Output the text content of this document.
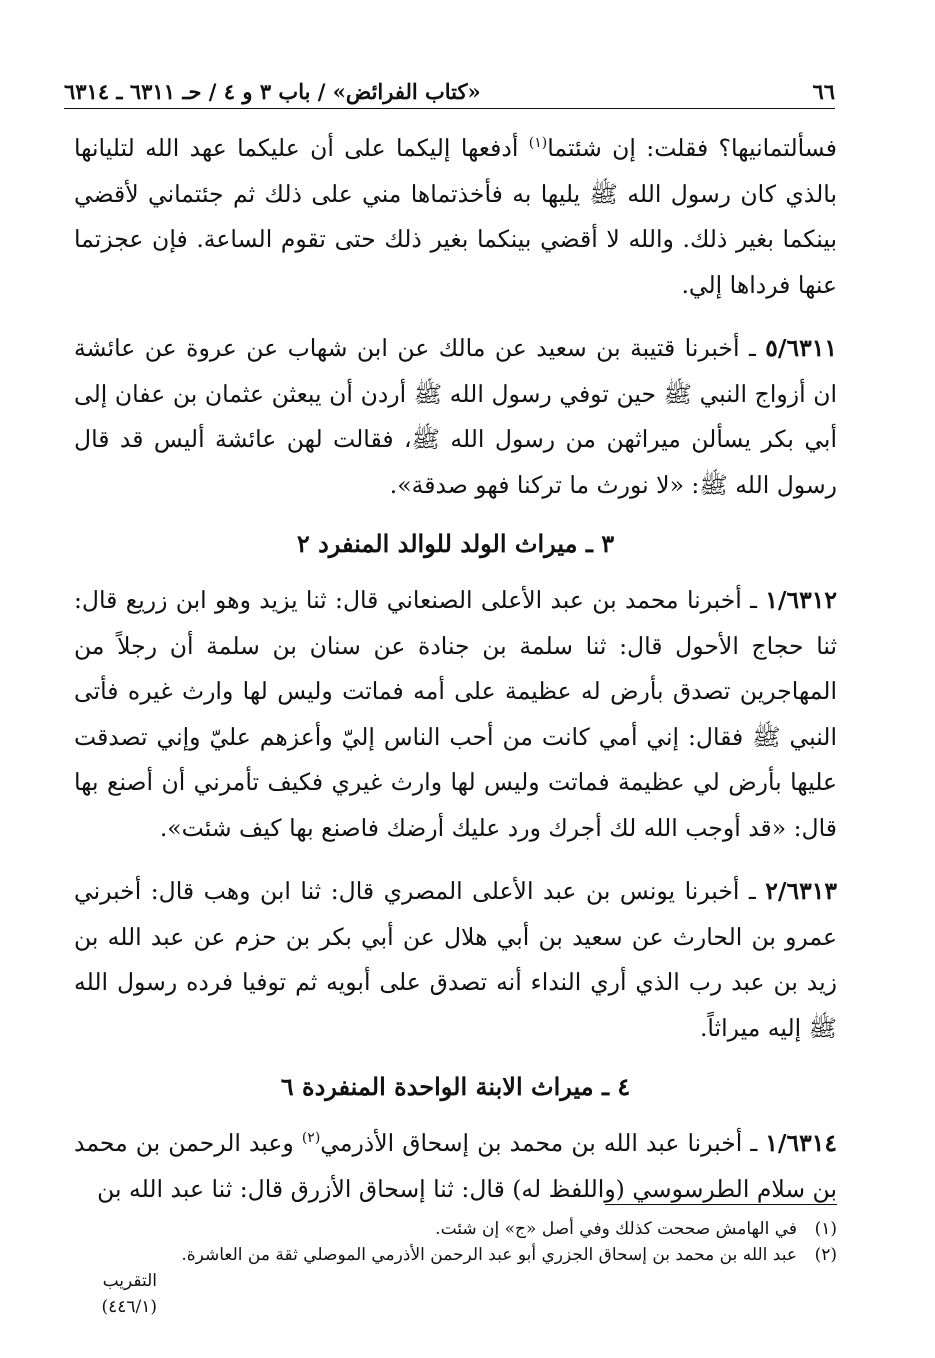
٦٦
«كتاب الفرائض» / باب ٣ و ٤ / حـ ٦٣١١ ـ ٦٣١٤

فسألتمانيها؟ فقلت: إن شئتما$^{(١)}$ أدفعها إليكما على أن عليكما عهد الله لتليانها بالذي كان رسول الله ﷺ يليها به فأخذتماها مني على ذلك ثم جئتماني لأقضي بينكما بغير ذلك. والله لا أقضي بينكما بغير ذلك حتى تقوم الساعة. فإن عجزتما عنها فرداها إلي.

٥/٦٣١١ ـ أخبرنا قتيبة بن سعيد عن مالك عن ابن شهاب عن عروة عن عائشة ان أزواج النبي ﷺ حين توفي رسول الله ﷺ أردن أن يبعثن عثمان بن عفان إلى أبي بكر يسألن ميراثهن من رسول الله ﷺ، فقالت لهن عائشة أليس قد قال رسول الله ﷺ: «لا نورث ما تركنا فهو صدقة».

٣ ـ ميراث الولد للوالد المنفرد ٢

١/٦٣١٢ ـ أخبرنا محمد بن عبد الأعلى الصنعاني قال: ثنا يزيد وهو ابن زريع قال: ثنا حجاج الأحول قال: ثنا سلمة بن جنادة عن سنان بن سلمة أن رجلاً من المهاجرين تصدق بأرض له عظيمة على أمه فماتت وليس لها وارث غيره فأتى النبي ﷺ فقال: إني أمي كانت من أحب الناس إليّ وأعزهم عليّ وإني تصدقت عليها بأرض لي عظيمة فماتت وليس لها وارث غيري فكيف تأمرني أن أصنع بها قال: «قد أوجب الله لك أجرك ورد عليك أرضك فاصنع بها كيف شئت».

٢/٦٣١٣ ـ أخبرنا يونس بن عبد الأعلى المصري قال: ثنا ابن وهب قال: أخبرني عمرو بن الحارث عن سعيد بن أبي هلال عن أبي بكر بن حزم عن عبد الله بن زيد بن عبد رب الذي أري النداء أنه تصدق على أبويه ثم توفيا فرده رسول الله ﷺ إليه ميراثاً.

٤ ـ ميراث الابنة الواحدة المنفردة ٦

١/٦٣١٤ ـ أخبرنا عبد الله بن محمد بن إسحاق الأذرمي$^{(٢)}$ وعبد الرحمن بن محمد بن سلام الطرسوسي (واللفظ له) قال: ثنا إسحاق الأزرق قال: ثنا عبد الله بن

(١)في الهامش صححت كذلك وفي أصل «ج» إن شئت.

(٢)عبد الله بن محمد بن إسحاق الجزري أبو عبد الرحمن الأذرمي الموصلي ثقة من العاشرة.

التقريب (٤٤٦/١)
